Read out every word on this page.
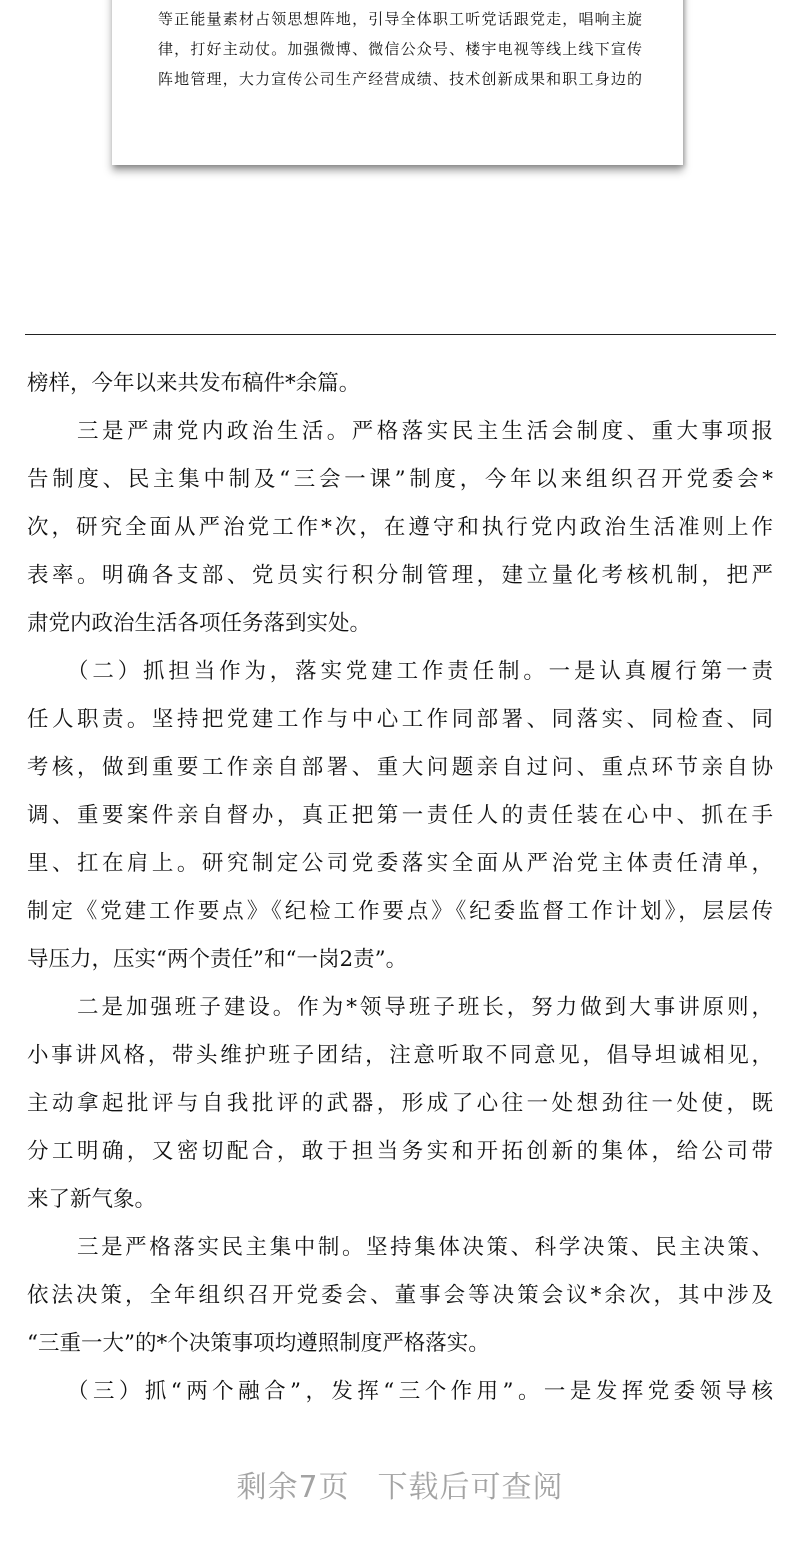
等正能量素材占领思想阵地，引导全体职工听党话跟党走，唱响主旋
律，打好主动仗。加强微博、微信公众号、楼宇电视等线上线下宣传
阵地管理，大力宣传公司生产经营成绩、技术创新成果和职工身边的
榜样，今年以来共发布稿件*余篇。
三是严肃党内政治生活。严格落实民主生活会制度、重大事项报
告制度、民主集中制及“三会一课”制度，今年以来组织召开党委会*
次，研究全面从严治党工作*次，在遵守和执行党内政治生活准则上作
表率。明确各支部、党员实行积分制管理，建立量化考核机制，把严
肃党内政治生活各项任务落到实处。
（二）抓担当作为，落实党建工作责任制。一是认真履行第一责
任人职责。坚持把党建工作与中心工作同部署、同落实、同检查、同
考核，做到重要工作亲自部署、重大问题亲自过问、重点环节亲自协
调、重要案件亲自督办，真正把第一责任人的责任装在心中、抓在手
里、扛在肩上。研究制定公司党委落实全面从严治党主体责任清单，
制定《党建工作要点》《纪检工作要点》《纪委监督工作计划》，层层传
导压力，压实“两个责任”和“一岗2责”。
二是加强班子建设。作为*领导班子班长，努力做到大事讲原则，
小事讲风格，带头维护班子团结，注意听取不同意见，倡导坦诚相见，
主动拿起批评与自我批评的武器，形成了心往一处想劲往一处使，既
分工明确，又密切配合，敢于担当务实和开拓创新的集体，给公司带
来了新气象。
三是严格落实民主集中制。坚持集体决策、科学决策、民主决策、
依法决策，全年组织召开党委会、董事会等决策会议*余次，其中涉及
“三重一大”的*个决策事项均遵照制度严格落实。
（三）抓“两个融合”，发挥“三个作用”。一是发挥党委领导核
剩余7页 下载后可查阅
